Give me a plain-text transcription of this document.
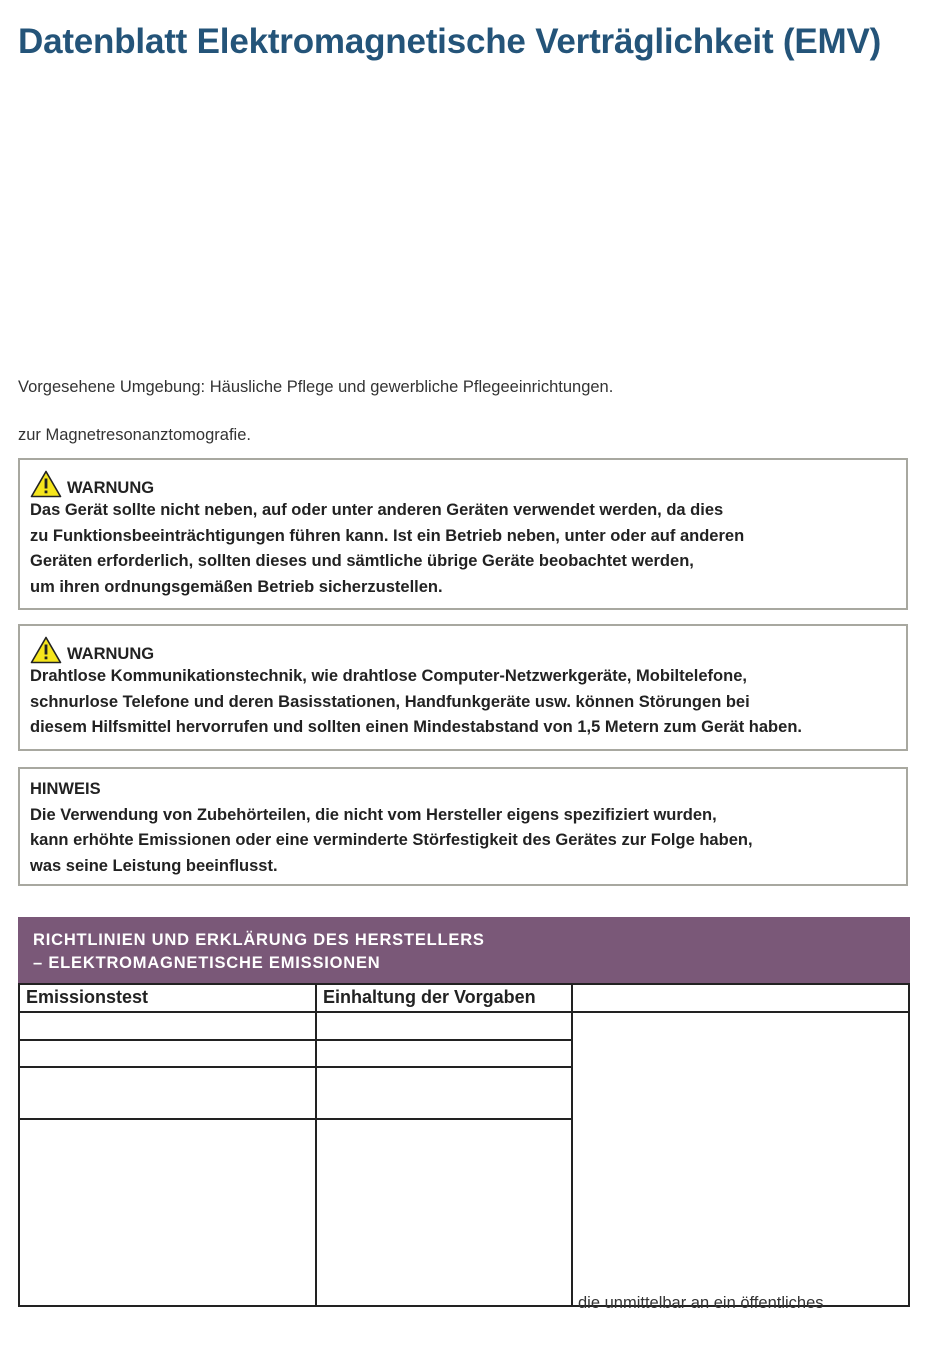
Datenblatt Elektromagnetische Verträglichkeit (EMV)
Vorgesehene Umgebung: Häusliche Pflege und gewerbliche Pflegeeinrichtungen.
zur Magnetresonanztomografie.
WARNUNG

Das Gerät sollte nicht neben, auf oder unter anderen Geräten verwendet werden, da dies

zu Funktionsbeeinträchtigungen führen kann. Ist ein Betrieb neben, unter oder auf anderen

Geräten erforderlich, sollten dieses und sämtliche übrige Geräte beobachtet werden,

um ihren ordnungsgemäßen Betrieb sicherzustellen.

WARNUNG

Drahtlose Kommunikationstechnik, wie drahtlose Computer-Netzwerkgeräte, Mobiltelefone,

schnurlose Telefone und deren Basisstationen, Handfunkgeräte usw. können Störungen bei

diesem Hilfsmittel hervorrufen und sollten einen Mindestabstand von 1,5 Metern zum Gerät haben.

HINWEIS

Die Verwendung von Zubehörteilen, die nicht vom Hersteller eigens spezifiziert wurden,

kann erhöhte Emissionen oder eine verminderte Störfestigkeit des Gerätes zur Folge haben,

was seine Leistung beeinflusst.

RICHTLINIEN UND ERKLÄRUNG DES HERSTELLERS
– ELEKTROMAGNETISCHE EMISSIONEN
Emissionstest	Einhaltung der Vorgaben
die unmittelbar an ein öffentliches
